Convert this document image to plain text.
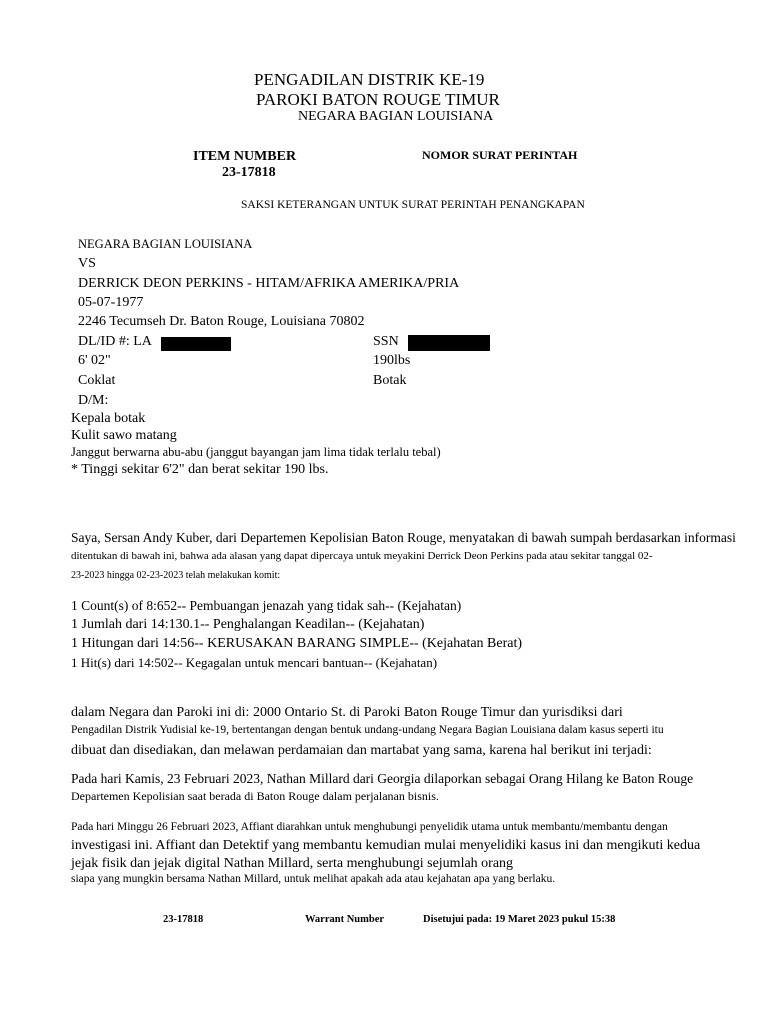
PENGADILAN DISTRIK KE-19
PAROKI BATON ROUGE TIMUR
NEGARA BAGIAN LOUISIANA
ITEM NUMBER
23-17818
NOMOR SURAT PERINTAH
SAKSI KETERANGAN UNTUK SURAT PERINTAH PENANGKAPAN
NEGARA BAGIAN LOUISIANA
VS
DERRICK DEON PERKINS - HITAM/AFRIKA AMERIKA/PRIA
05-07-1977
2246 Tecumseh Dr. Baton Rouge, Louisiana 70802
DL/ID #: LA	SSN
6' 02"	190lbs
Coklat	Botak
D/M:
Kepala botak
Kulit sawo matang
Janggut berwarna abu-abu (janggut bayangan jam lima tidak terlalu tebal)
* Tinggi sekitar 6'2" dan berat sekitar 190 lbs.
Saya, Sersan Andy Kuber, dari Departemen Kepolisian Baton Rouge, menyatakan di bawah sumpah berdasarkan informasi
ditentukan di bawah ini, bahwa ada alasan yang dapat dipercaya untuk meyakini Derrick Deon Perkins pada atau sekitar tanggal 02-
23-2023 hingga 02-23-2023 telah melakukan komit:
1 Count(s) of 8:652-- Pembuangan jenazah yang tidak sah-- (Kejahatan)
1 Jumlah dari 14:130.1-- Penghalangan Keadilan-- (Kejahatan)
1 Hitungan dari 14:56-- KERUSAKAN BARANG SIMPLE-- (Kejahatan Berat)
1 Hit(s) dari 14:502-- Kegagalan untuk mencari bantuan-- (Kejahatan)
dalam Negara dan Paroki ini di: 2000 Ontario St. di Paroki Baton Rouge Timur dan yurisdiksi dari
Pengadilan Distrik Yudisial ke-19, bertentangan dengan bentuk undang-undang Negara Bagian Louisiana dalam kasus seperti itu
dibuat dan disediakan, dan melawan perdamaian dan martabat yang sama, karena hal berikut ini terjadi:
Pada hari Kamis, 23 Februari 2023, Nathan Millard dari Georgia dilaporkan sebagai Orang Hilang ke Baton Rouge
Departemen Kepolisian saat berada di Baton Rouge dalam perjalanan bisnis.
Pada hari Minggu 26 Februari 2023, Affiant diarahkan untuk menghubungi penyelidik utama untuk membantu/membantu dengan
investigasi ini. Affiant dan Detektif yang membantu kemudian mulai menyelidiki kasus ini dan mengikuti kedua
jejak fisik dan jejak digital Nathan Millard, serta menghubungi sejumlah orang
siapa yang mungkin bersama Nathan Millard, untuk melihat apakah ada atau kejahatan apa yang berlaku.
23-17818	Warrant Number	Disetujui pada: 19 Maret 2023 pukul 15:38
